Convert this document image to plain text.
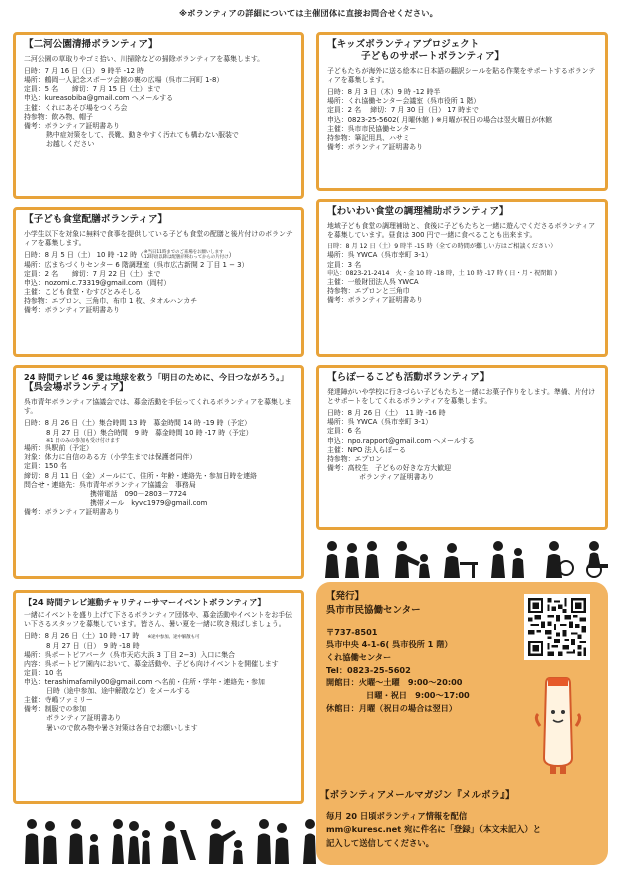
※ボランティアの詳細については主催団体に直接お問合せください。
【二河公園清掃ボランティア】
二河公園の草取りやゴミ拾い、川掃除などの掃除ボランティアを募集します。
日時：7 月 16 日（日） 9 時半 -12 時
場所：鶴岡一人記念スポーツ会館の裏の広場（呉市二河町 1-8）
定員：5 名　　締切：7 月 15 日（土）まで
申込：kureasobiba@gmail.com へメールする
主催：くれにあそび場をつくろ会
持参物：飲み物、帽子
備考：ボランティア証明書あり
熱中症対策をして、長靴、動きやすく汚れても構わない服装で
お越しください
【キッズボランティアプロジェクト
子どものサポートボランティア】
子どもたちが海外に送る絵本に日本語の翻訳シールを貼る作業をサポートするボランティアを募集します。
日時：8 月 3 日（木）9 時 -12 時半
場所：くれ協働センター会議室（呉市役所 1 階）
定員：2 名　 締切：7 月 30 日（日） 17 時まで
申込：0823-25-5602( 月曜休館 ) ※月曜が祝日の場合は翌火曜日が休館
主催：呉市市民協働センター
持参物：筆記用具、ハサミ
備考：ボランティア証明書あり
【子ども食堂配膳ボランティア】
小学生以下を対象に無料で食事を提供している子ども食堂の配膳と後片付けのボランティアを募集します。
日時：8 月 5 日（土） 10 時 -12 時（ ※当日11時までのご来場をお願いします
12時頃以降は配膳が終わってからの片付け ）
場所：広まちづくりセンター 6 階調理室（呉市広古新開 2 丁目 1 − 3）
定員：2 名　　締切：7 月 22 日（土）まで
申込：nozomi.c.73319@gmail.com（岡村）
主催：こども食堂・むすびとみそしる
持参物：エプロン、三角巾、布巾 1 枚、タオルハンカチ
備考：ボランティア証明書あり
【わいわい食堂の調理補助ボランティア】
地域子ども食堂の調理補助と、食後に子どもたちと一緒に遊んでくださるボランティアを募集しています。昼食は 300 円で一緒に食べることも出来ます。
日時：8 月 12 日（土）9 時半 -15 時（全ての時間が難しい方はご相談ください）
場所：呉 YWCA（呉市幸町 3-1）
定員：3 名
申込：0823-21-2414　火・金 10 時 -18 時，土 10 時 -17 時 ( 日・月・祝閉館 )
主催：一般財団法人呉 YWCA
持参物：エプロンと三角巾
備考：ボランティア証明書あり
24 時間テレビ 46 愛は地球を救う「明日のために、今日つながろう。」
【呉会場ボランティア】
呉市青年ボランティア協議会では、募金活動を手伝ってくれるボランティアを募集します。
日時：8 月 26 日（土）集合時間 13 時　募金時間 14 時 -19 時（予定）
8 月 27 日（日）集合時間　9 時　募金時間 10 時 -17 時（予定）
※1 日のみの参加も受け付けます
場所：呉駅前（予定）
対象：体力に自信のある方（小学生までは保護者同伴）
定員：150 名
締切：8 月 11 日（金）メールにて、住所・年齢・連絡先・参加日時を連絡
問合せ・連絡先：呉市青年ボランティア協議会　事務局
携帯電話　090－2803－7724
携帯メール　kyvc1979@gmail.com
備考：ボランティア証明書あり
【らぽーるこども活動ボランティア】
発達障がいや学校に行きづらい子どもたちと一緒にお菓子作りをします。準備、片付けとサポートをしてくれるボランティアを募集します。
日時：8 月 26 日（土）　11 時 -16 時
場所：呉 YWCA（呉市幸町 3-1）
定員：6 名
申込：npo.rapport@gmail.com へメールする
主催：NPO 法人らぽーる
持参物：エプロン
備考：高校生　子どもの好きな方大歓迎
ボランティア証明書あり
【24 時間テレビ連動チャリティーサマーイベントボランティア】
一緒にイベントを盛り上げて下さるボランティア団体や、募金活動やイベントをお手伝い下さるスタッフを募集しています。皆さん、暑い夏を一緒に吹き飛ばしましょう。
日時：8 月 26 日（土）10 時 -17 時 ※途中参加、途中解散も可
8 月 27 日（日）　9 時 -18 時
場所：呉ポートピアパーク（呉市天応大浜 3 丁目 2−3）入口に集合
内容：呉ポートピア園内において、募金活動や、子ども向けイベントを開催します
定員：10 名
申込：terashimafamily00@gmail.com へ名前・住所・学年・連絡先・参加
日時（途中参加、途中解散など）をメールする
主催：寺嶋ファミリー
備考：制服での参加
ボランティア証明書あり
暑いので飲み物や暑さ対策は各自でお願いします
【発行】
呉市市民協働センター
〒737-8501
呉市中央 4-1-6( 呉市役所 1 階）
くれ協働センター
Tel：0823-25-5602
開館日：火曜～土曜　9:00～20:00
日曜・祝日　9:00～17:00
休館日：月曜（祝日の場合は翌日）
【ボランティアメールマガジン『メルボラ』】
毎月 20 日頃ボランティア情報を配信
mm@kuresc.net 宛に件名に「登録」（本文未記入）と
記入して送信してください。
